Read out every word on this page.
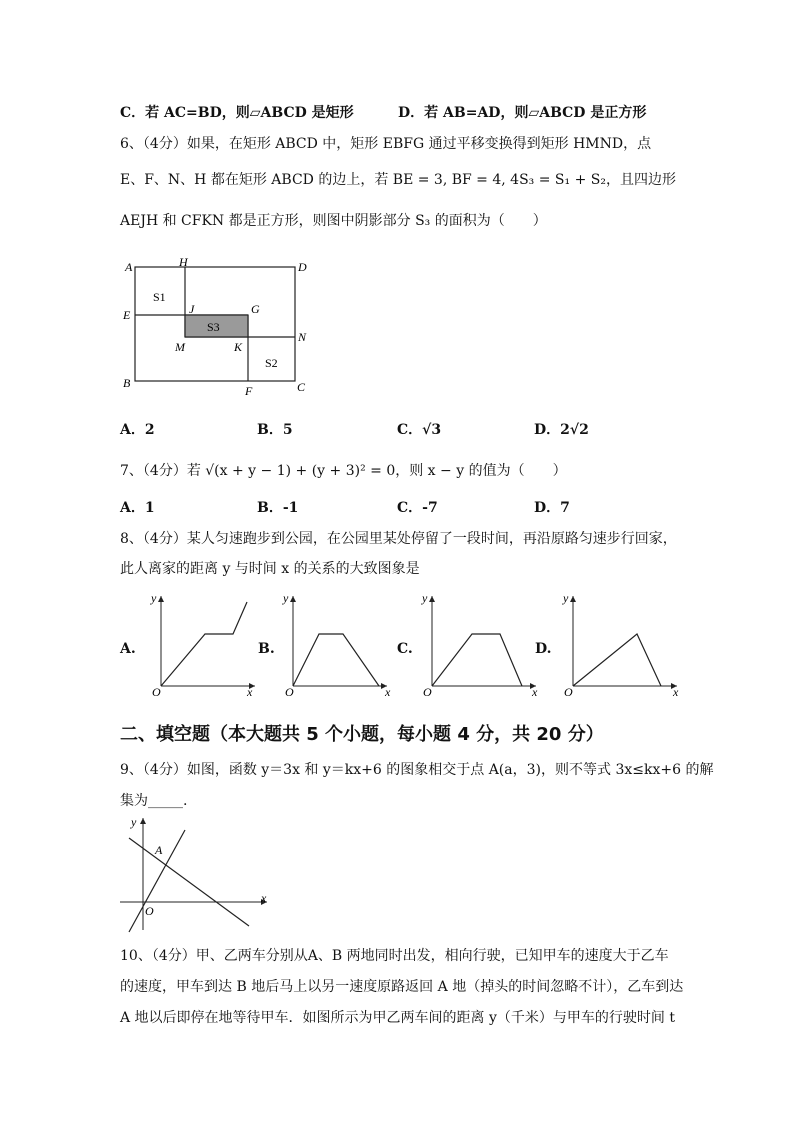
C．若 AC=BD，则▱ABCD 是矩形	D．若 AB=AD，则▱ABCD 是正方形
6、（4分）如果，在矩形 ABCD 中，矩形 EBFG 通过平移变换得到矩形 HMND，点
E、F、N、H 都在矩形 ABCD 的边上，若 BE = 3, BF = 4, 4S₃ = S₁ + S₂，且四边形
AEJH 和 CFKN 都是正方形，则图中阴影部分 S₃ 的面积为（　　）
A	H	D
E	J	G
N
M	K
B
F	C
S1
S3
S2
A．2	B．5	C．√3	D．2√2
7、（4分）若 √(x + y − 1) + (y + 3)² = 0，则 x − y 的值为（　　）
A．1	B．-1	C．-7	D．7
8、（4分）某人匀速跑步到公园，在公园里某处停留了一段时间，再沿原路匀速步行回家，
此人离家的距离 y 与时间 x 的关系的大致图象是
A.	B.	C.	D.
O	x
y
O	x
y
O	x
y
O	x
y
二、填空题（本大题共 5 个小题，每小题 4 分，共 20 分）
9、（4分）如图，函数 y＝3x 和 y＝kx+6 的图象相交于点 A(a，3)，则不等式 3x≤kx+6 的解
集为_____.
y
x
A
O
10、（4分）甲、乙两车分别从A、B 两地同时出发，相向行驶，已知甲车的速度大于乙车
的速度，甲车到达 B 地后马上以另一速度原路返回 A 地（掉头的时间忽略不计），乙车到达
A 地以后即停在地等待甲车．如图所示为甲乙两车间的距离 y（千米）与甲车的行驶时间 t
